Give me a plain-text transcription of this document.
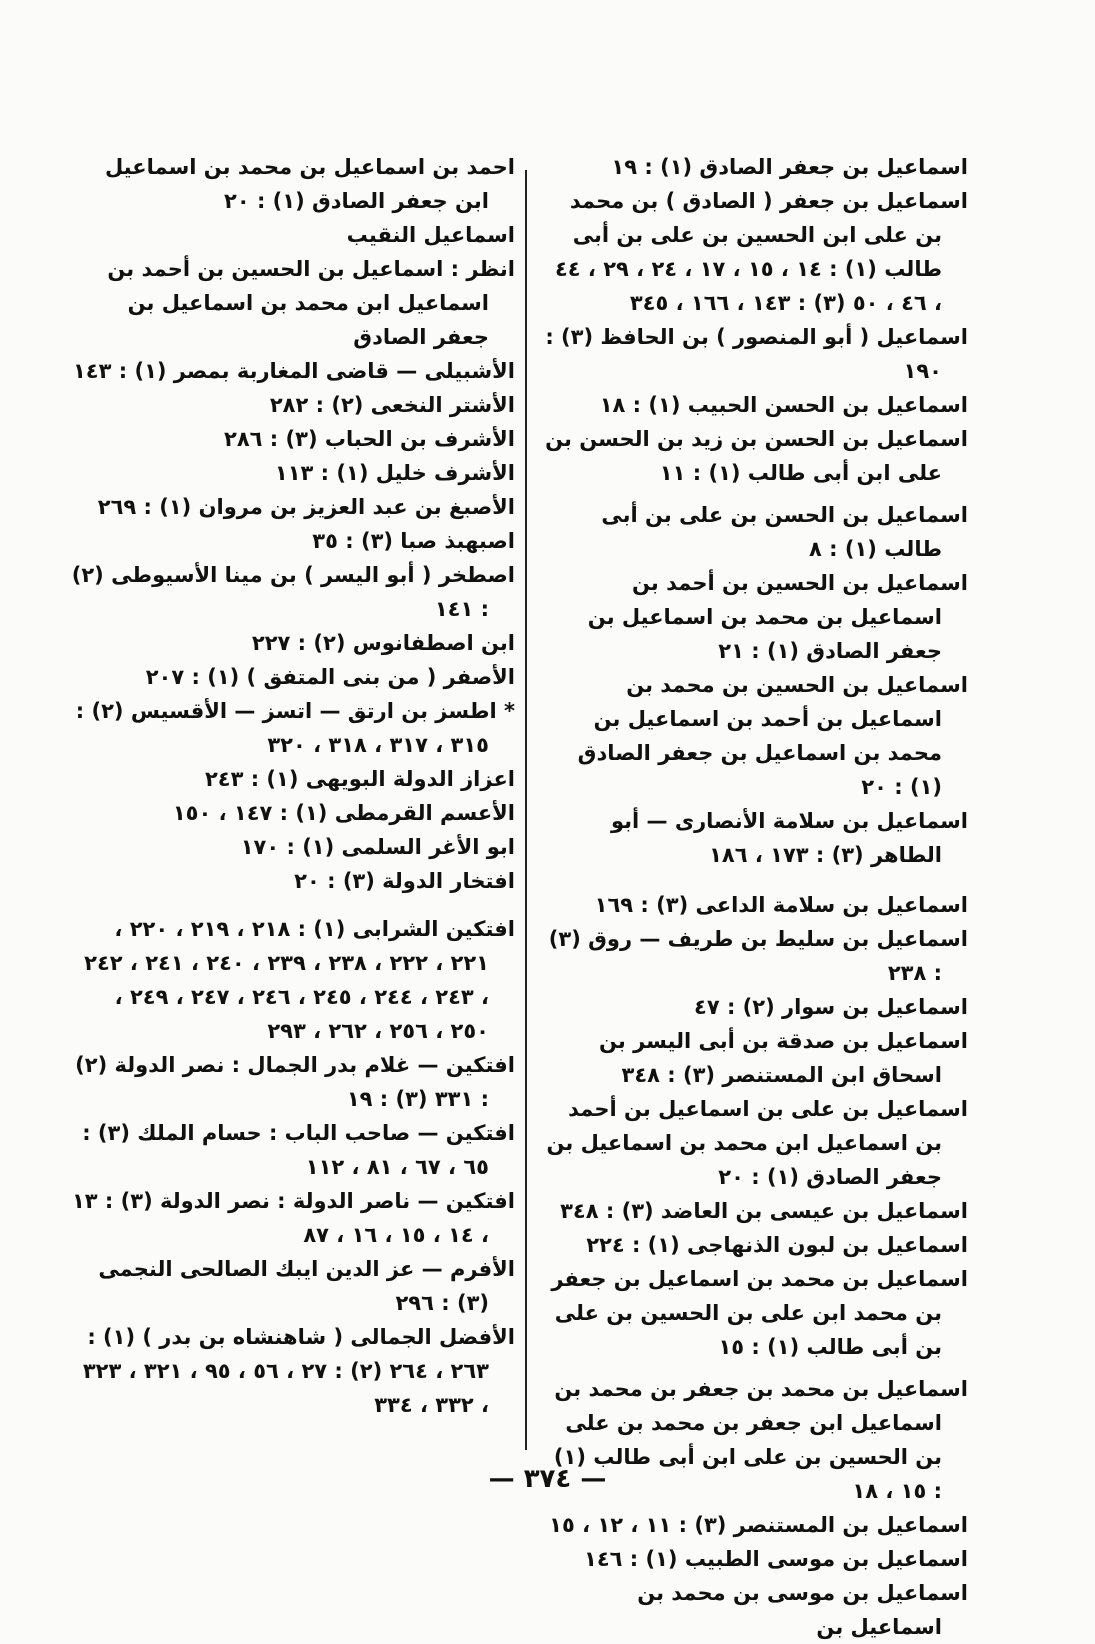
اسماعيل بن جعفر الصادق (١) : ١٩

اسماعيل بن جعفر ( الصادق ) بن محمد بن على ابن الحسين بن على بن أبى طالب (١) : ١٤ ، ١٥ ، ١٧ ، ٢٤ ، ٢٩ ، ٤٤ ، ٤٦ ، ٥٠ (٣) : ١٤٣ ، ١٦٦ ، ٣٤٥

اسماعيل ( أبو المنصور ) بن الحافظ (٣) : ١٩٠

اسماعيل بن الحسن الحبيب (١) : ١٨

اسماعيل بن الحسن بن زيد بن الحسن بن على ابن أبى طالب (١) : ١١

اسماعيل بن الحسن بن على بن أبى طالب (١) : ٨

اسماعيل بن الحسين بن أحمد بن اسماعيل بن محمد بن اسماعيل بن جعفر الصادق (١) : ٢١

اسماعيل بن الحسين بن محمد بن اسماعيل بن أحمد بن اسماعيل بن محمد بن اسماعيل بن جعفر الصادق (١) : ٢٠

اسماعيل بن سلامة الأنصارى — أبو الطاهر (٣) : ١٧٣ ، ١٨٦

اسماعيل بن سلامة الداعى (٣) : ١٦٩

اسماعيل بن سليط بن طريف — روق (٣) : ٢٣٨

اسماعيل بن سوار (٢) : ٤٧

اسماعيل بن صدقة بن أبى اليسر بن اسحاق ابن المستنصر (٣) : ٣٤٨

اسماعيل بن على بن اسماعيل بن أحمد بن اسماعيل ابن محمد بن اسماعيل بن جعفر الصادق (١) : ٢٠

اسماعيل بن عيسى بن العاضد (٣) : ٣٤٨

اسماعيل بن لبون الذنهاجى (١) : ٢٢٤

اسماعيل بن محمد بن اسماعيل بن جعفر بن محمد ابن على بن الحسين بن على بن أبى طالب (١) : ١٥

اسماعيل بن محمد بن جعفر بن محمد بن اسماعيل ابن جعفر بن محمد بن على بن الحسين بن على ابن أبى طالب (١) : ١٥ ، ١٨

اسماعيل بن المستنصر (٣) : ١١ ، ١٢ ، ١٥

اسماعيل بن موسى الطبيب (١) : ١٤٦

اسماعيل بن موسى بن محمد بن اسماعيل بن

احمد بن اسماعيل بن محمد بن اسماعيل ابن جعفر الصادق (١) : ٢٠

اسماعيل النقيب

انظر : اسماعيل بن الحسين بن أحمد بن اسماعيل ابن محمد بن اسماعيل بن جعفر الصادق

الأشبيلى — قاضى المغاربة بمصر (١) : ١٤٣

الأشتر النخعى (٢) : ٢٨٢

الأشرف بن الحباب (٣) : ٢٨٦

الأشرف خليل (١) : ١١٣

الأصبغ بن عبد العزيز بن مروان (١) : ٢٦٩

اصبهبذ صبا (٣) : ٣٥

اصطخر ( أبو اليسر ) بن مينا الأسيوطى (٢) : ١٤١

ابن اصطفانوس (٢) : ٢٢٧

الأصفر ( من بنى المتفق ) (١) : ٢٠٧

* اطسز بن ارتق — اتسز — الأقسيس (٢) : ٣١٥ ، ٣١٧ ، ٣١٨ ، ٣٢٠

اعزاز الدولة البويهى (١) : ٢٤٣

الأعسم القرمطى (١) : ١٤٧ ، ١٥٠

ابو الأغر السلمى (١) : ١٧٠

افتخار الدولة (٣) : ٢٠

افتكين الشرابى (١) : ٢١٨ ، ٢١٩ ، ٢٢٠ ، ٢٢١ ، ٢٢٢ ، ٢٣٨ ، ٢٣٩ ، ٢٤٠ ، ٢٤١ ، ٢٤٢ ، ٢٤٣ ، ٢٤٤ ، ٢٤٥ ، ٢٤٦ ، ٢٤٧ ، ٢٤٩ ، ٢٥٠ ، ٢٥٦ ، ٢٦٢ ، ٢٩٣

افتكين — غلام بدر الجمال : نصر الدولة (٢) : ٣٣١ (٣) : ١٩

افتكين — صاحب الباب : حسام الملك (٣) : ٦٥ ، ٦٧ ، ٨١ ، ١١٢

افتكين — ناصر الدولة : نصر الدولة (٣) : ١٣ ، ١٤ ، ١٥ ، ١٦ ، ٨٧

الأفرم — عز الدين ايبك الصالحى النجمى (٣) : ٢٩٦

الأفضل الجمالى ( شاهنشاه بن بدر ) (١) : ٢٦٣ ، ٢٦٤ (٢) : ٢٧ ، ٥٦ ، ٩٥ ، ٣٢١ ، ٣٢٣ ، ٣٣٢ ، ٣٣٤

— ٣٧٤ —
